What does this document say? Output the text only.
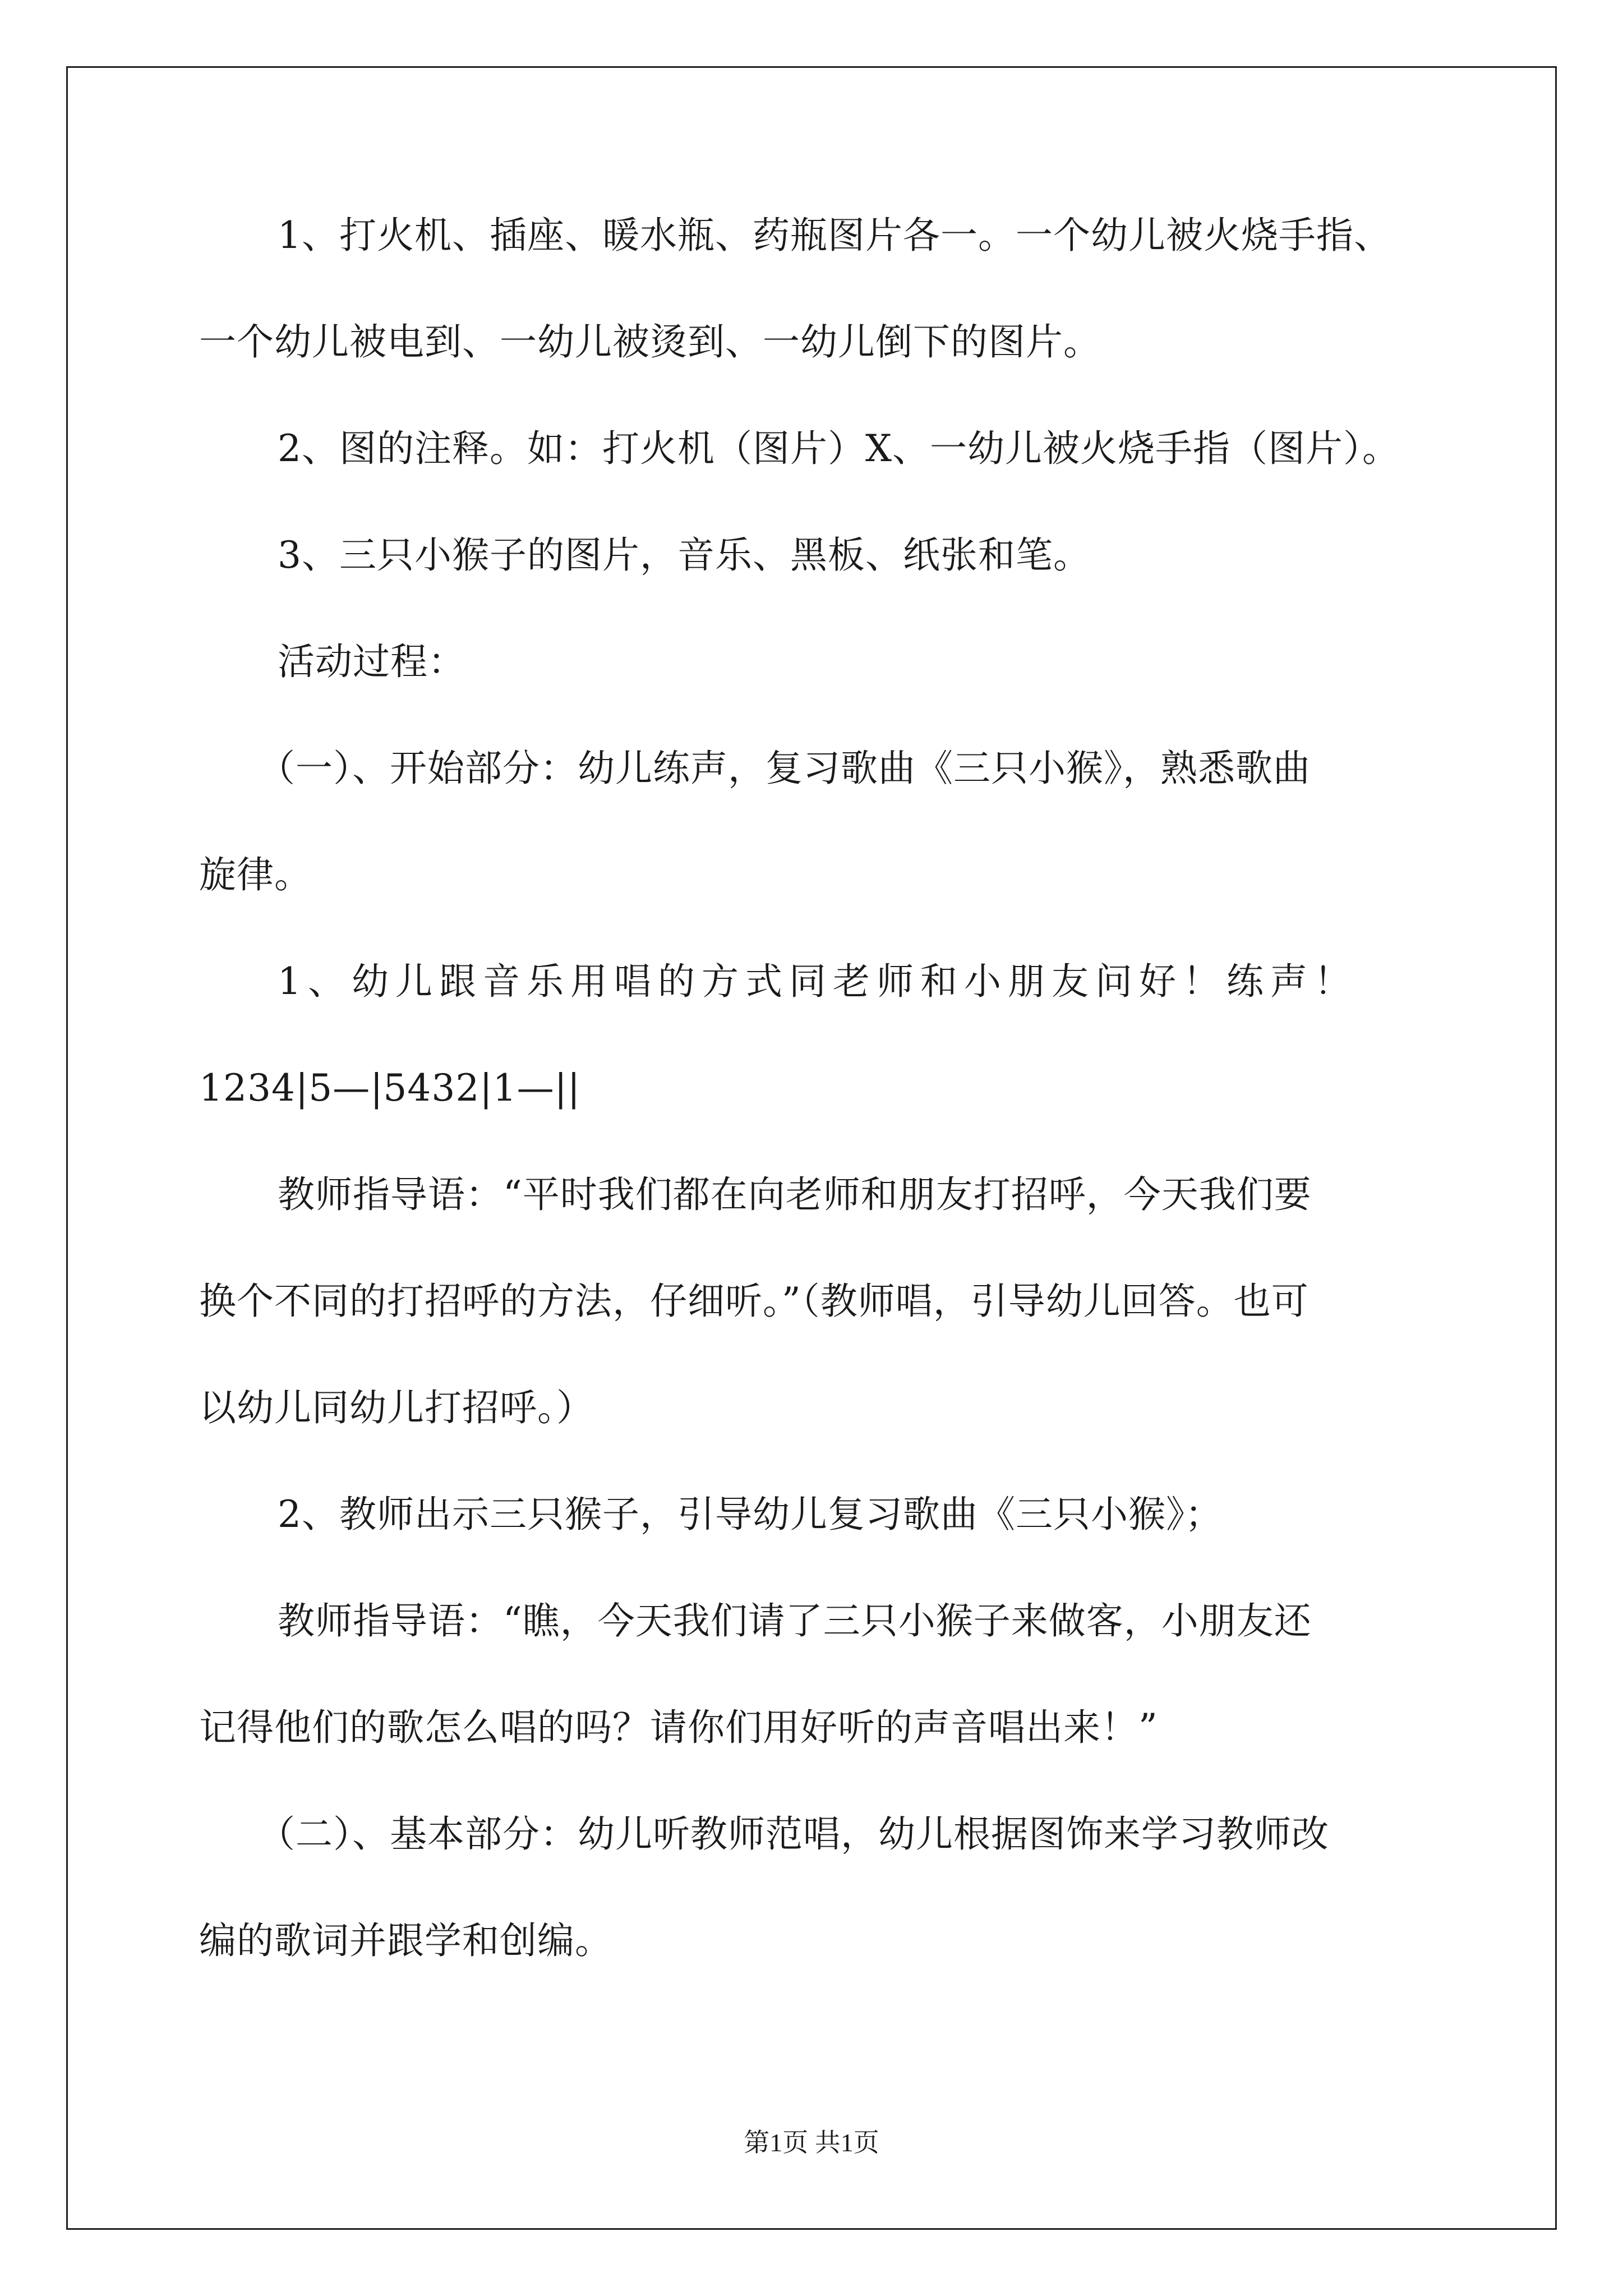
1、打火机、插座、暖水瓶、药瓶图片各一。一个幼儿被火烧手指、
一个幼儿被电到、一幼儿被烫到、一幼儿倒下的图片。
2、图的注释。如：打火机（图片）X、一幼儿被火烧手指（图片）。
3、三只小猴子的图片，音乐、黑板、纸张和笔。
活动过程：
（一）、开始部分：幼儿练声，复习歌曲《三只小猴》，熟悉歌曲
旋律。
1、幼儿跟音乐用唱的方式同老师和小朋友问好！练声！
1234|5—|5432|1—||
教师指导语：“平时我们都在向老师和朋友打招呼，今天我们要
换个不同的打招呼的方法，仔细听。”（教师唱，引导幼儿回答。也可
以幼儿同幼儿打招呼。）
2、教师出示三只猴子，引导幼儿复习歌曲《三只小猴》；
教师指导语：“瞧，今天我们请了三只小猴子来做客，小朋友还
记得他们的歌怎么唱的吗？请你们用好听的声音唱出来！”
（二）、基本部分：幼儿听教师范唱，幼儿根据图饰来学习教师改
编的歌词并跟学和创编。
第1页 共1页
